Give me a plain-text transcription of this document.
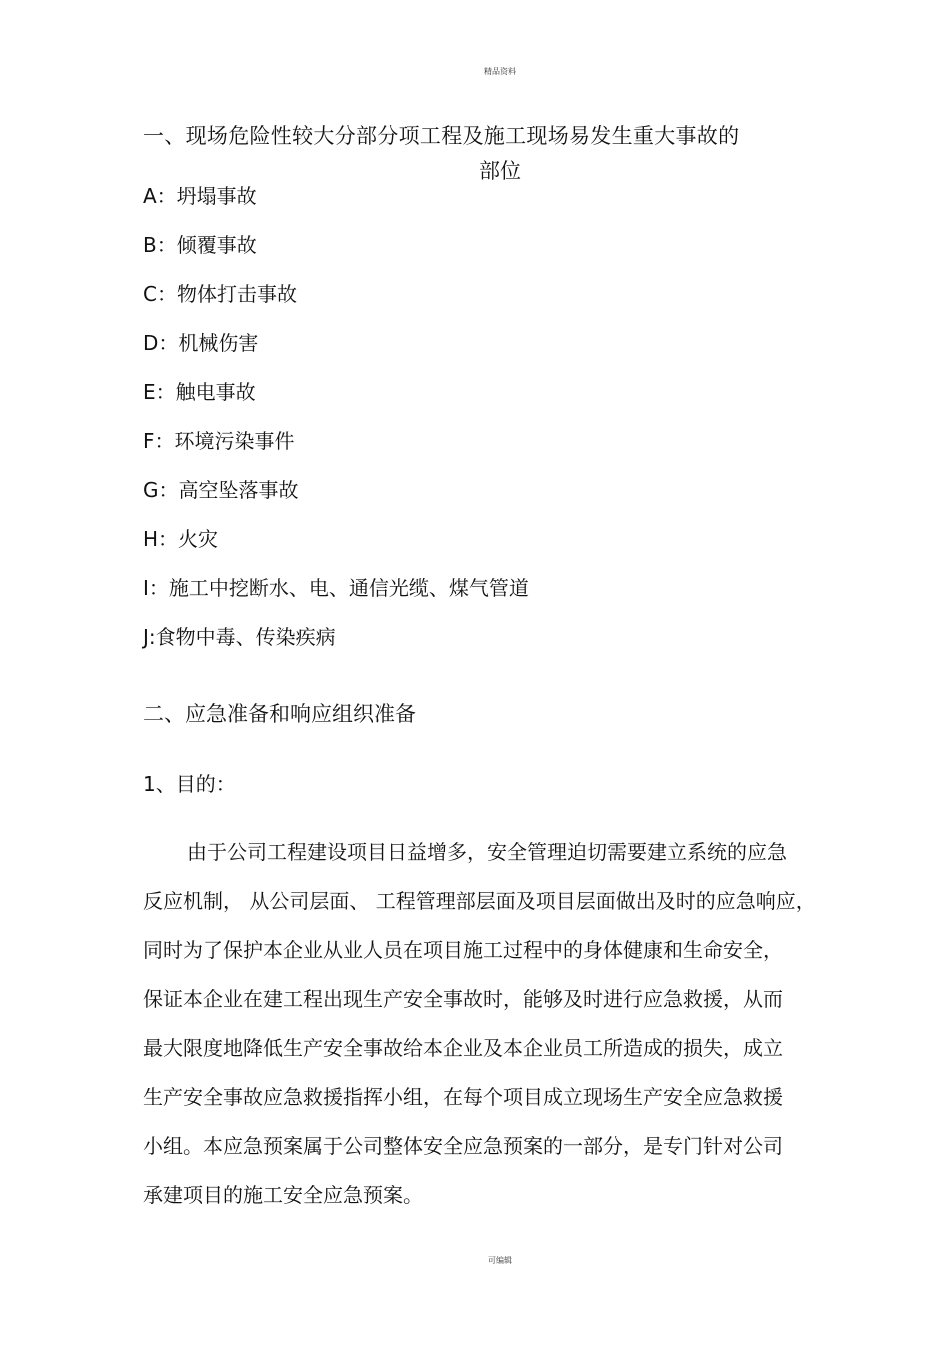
精品资料
一、现场危险性较大分部分项工程及施工现场易发生重大事故的
部位
A：坍塌事故
B：倾覆事故
C：物体打击事故
D：机械伤害
E：触电事故
F：环境污染事件
G：高空坠落事故
H：火灾
I：施工中挖断水、电、通信光缆、煤气管道
J:食物中毒、传染疾病
二、应急准备和响应组织准备
1、目的：
由于公司工程建设项目日益增多，安全管理迫切需要建立系统的应急
反应机制， 从公司层面、 工程管理部层面及项目层面做出及时的应急响应，
同时为了保护本企业从业人员在项目施工过程中的身体健康和生命安全，
保证本企业在建工程出现生产安全事故时，能够及时进行应急救援，从而
最大限度地降低生产安全事故给本企业及本企业员工所造成的损失，成立
生产安全事故应急救援指挥小组，在每个项目成立现场生产安全应急救援
小组。本应急预案属于公司整体安全应急预案的一部分，是专门针对公司
承建项目的施工安全应急预案。
可编辑
